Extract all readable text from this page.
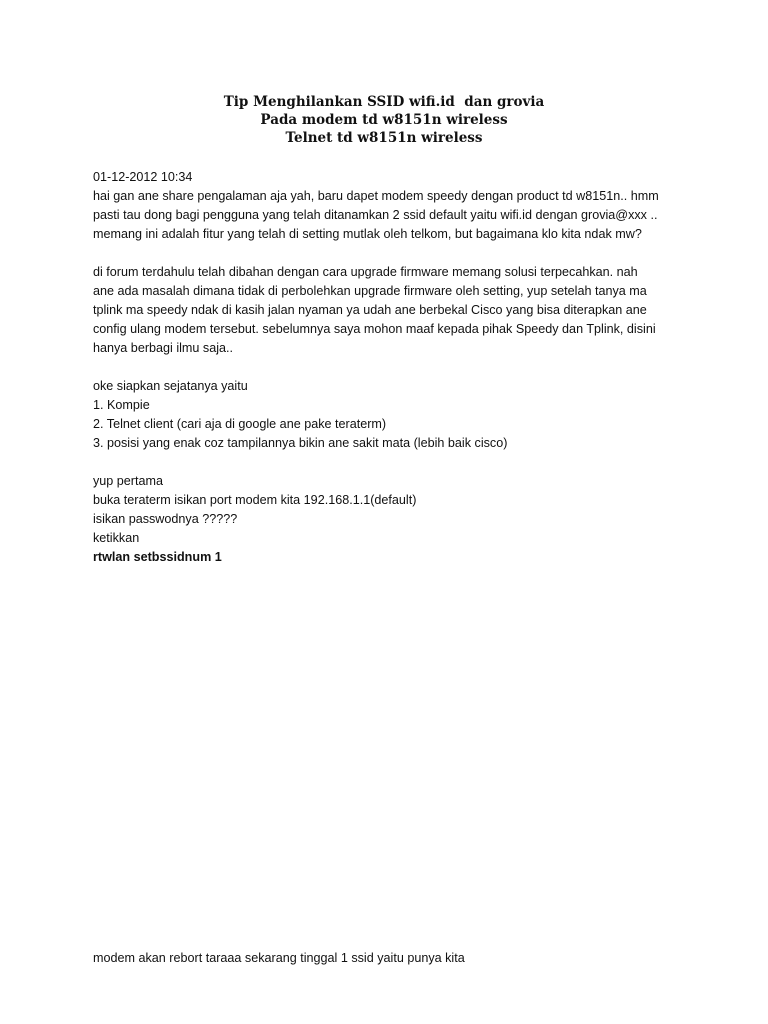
Tip Menghilankan SSID wifi.id  dan grovia
Pada modem td w8151n wireless
Telnet td w8151n wireless
01-12-2012 10:34
hai gan ane share pengalaman aja yah, baru dapet modem speedy dengan product td w8151n.. hmm
pasti tau dong bagi pengguna yang telah ditanamkan 2 ssid default yaitu wifi.id dengan grovia@xxx ..
memang ini adalah fitur yang telah di setting mutlak oleh telkom, but bagaimana klo kita ndak mw?
di forum terdahulu telah dibahan dengan cara upgrade firmware memang solusi terpecahkan. nah
ane ada masalah dimana tidak di perbolehkan upgrade firmware oleh setting, yup setelah tanya ma
tplink ma speedy ndak di kasih jalan nyaman ya udah ane berbekal Cisco yang bisa diterapkan ane
config ulang modem tersebut. sebelumnya saya mohon maaf kepada pihak Speedy dan Tplink, disini
hanya berbagi ilmu saja..
oke siapkan sejatanya yaitu
1. Kompie
2. Telnet client (cari aja di google ane pake teraterm)
3. posisi yang enak coz tampilannya bikin ane sakit mata (lebih baik cisco)
yup pertama
buka teraterm isikan port modem kita 192.168.1.1(default)
isikan passwodnya ?????
ketikkan
rtwlan setbssidnum 1
modem akan rebort taraaa sekarang tinggal 1 ssid yaitu punya kita
